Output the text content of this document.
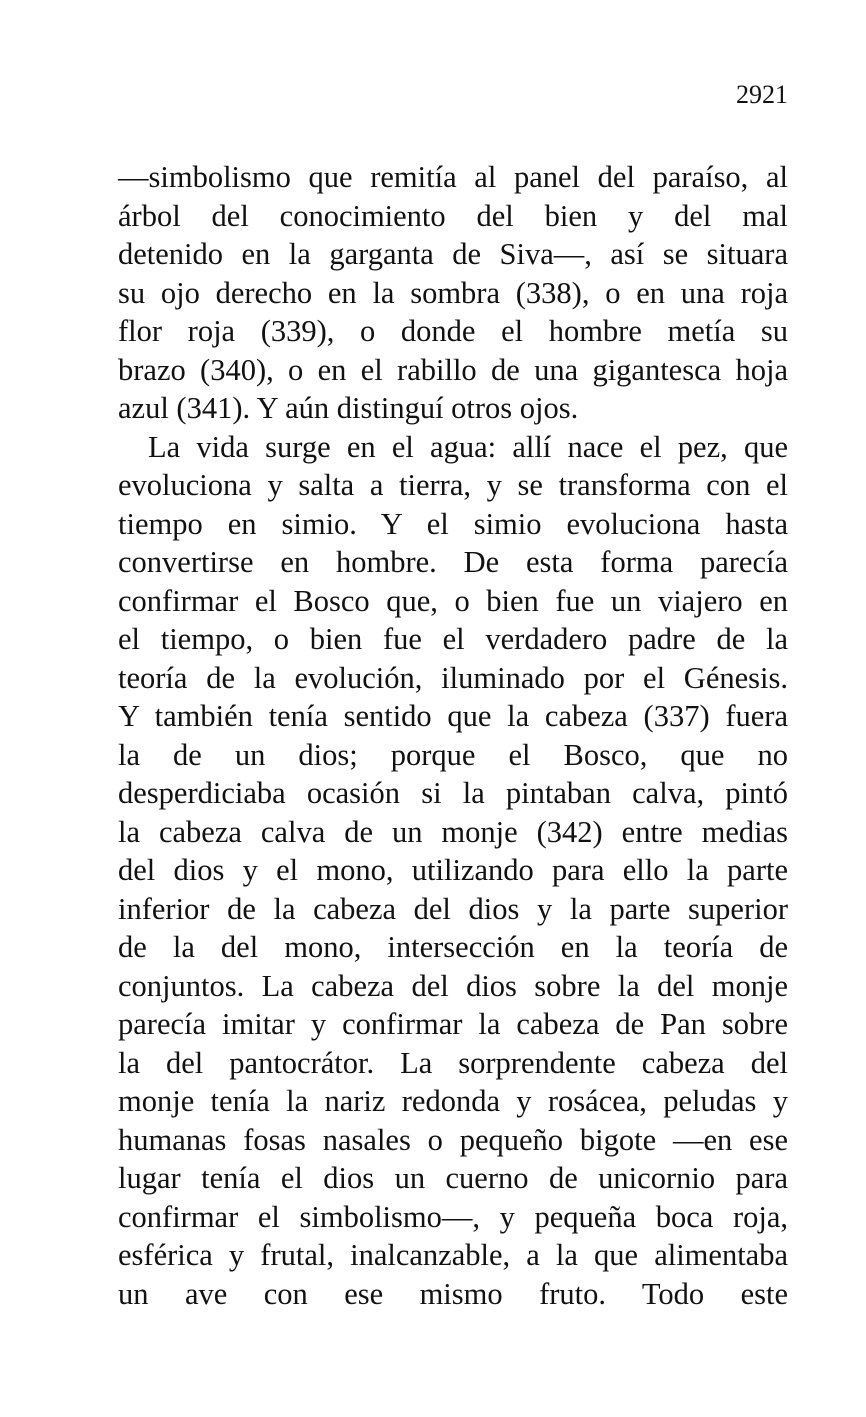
2921
—simbolismo que remitía al panel del paraíso, al
árbol del conocimiento del bien y del mal
detenido en la garganta de Siva—, así se situara
su ojo derecho en la sombra (338), o en una roja
flor roja (339), o donde el hombre metía su
brazo (340), o en el rabillo de una gigantesca hoja
azul (341). Y aún distinguí otros ojos.
La vida surge en el agua: allí nace el pez, que
evoluciona y salta a tierra, y se transforma con el
tiempo en simio. Y el simio evoluciona hasta
convertirse en hombre. De esta forma parecía
confirmar el Bosco que, o bien fue un viajero en
el tiempo, o bien fue el verdadero padre de la
teoría de la evolución, iluminado por el Génesis.
Y también tenía sentido que la cabeza (337) fuera
la de un dios; porque el Bosco, que no
desperdiciaba ocasión si la pintaban calva, pintó
la cabeza calva de un monje (342) entre medias
del dios y el mono, utilizando para ello la parte
inferior de la cabeza del dios y la parte superior
de la del mono, intersección en la teoría de
conjuntos. La cabeza del dios sobre la del monje
parecía imitar y confirmar la cabeza de Pan sobre
la del pantocrátor. La sorprendente cabeza del
monje tenía la nariz redonda y rosácea, peludas y
humanas fosas nasales o pequeño bigote —en ese
lugar tenía el dios un cuerno de unicornio para
confirmar el simbolismo—, y pequeña boca roja,
esférica y frutal, inalcanzable, a la que alimentaba
un ave con ese mismo fruto. Todo este
